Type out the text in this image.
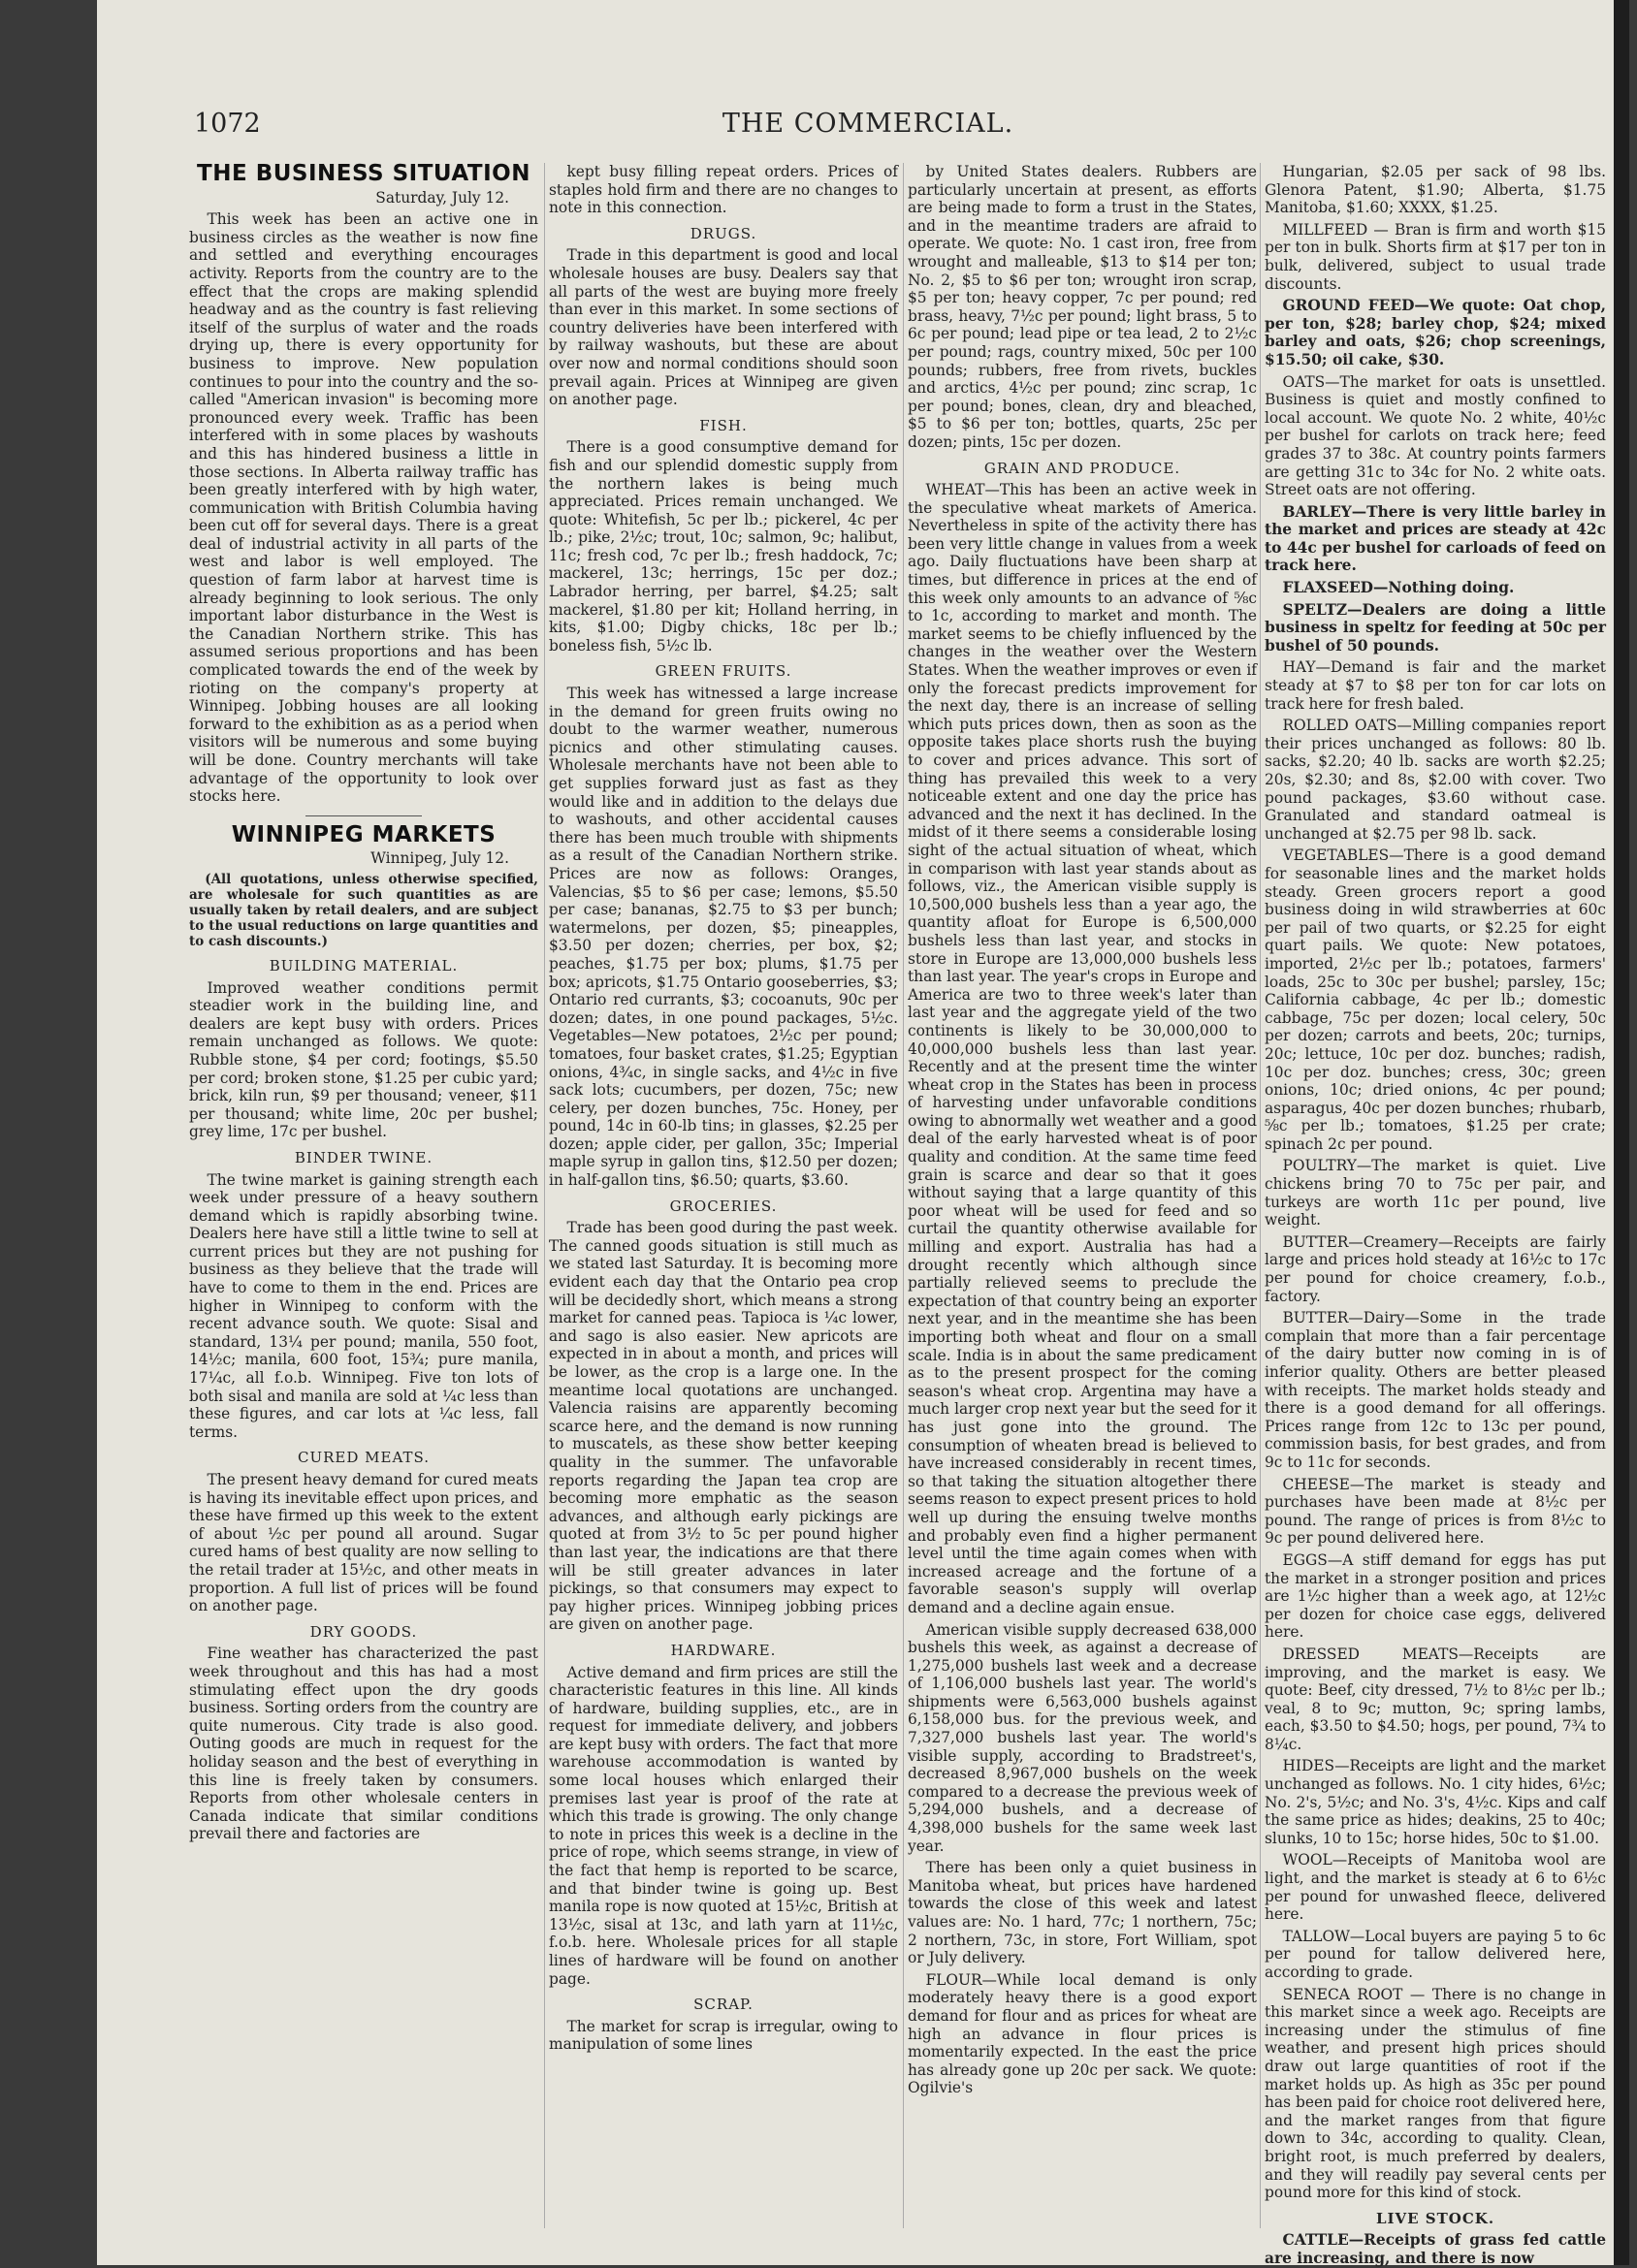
1072	THE COMMERCIAL.
THE BUSINESS SITUATION

Saturday, July 12.

This week has been an active one in business circles as the weather is now fine and settled and everything encourages activity. Reports from the country are to the effect that the crops are making splendid headway and as the country is fast relieving itself of the surplus of water and the roads drying up, there is every opportunity for business to improve. New population continues to pour into the country and the so-called "American invasion" is becoming more pronounced every week. Traffic has been interfered with in some places by washouts and this has hindered business a little in those sections. In Alberta railway traffic has been greatly interfered with by high water, communication with British Columbia having been cut off for several days. There is a great deal of industrial activity in all parts of the west and labor is well employed. The question of farm labor at harvest time is already beginning to look serious. The only important labor disturbance in the West is the Canadian Northern strike. This has assumed serious proportions and has been complicated towards the end of the week by rioting on the company's property at Winnipeg. Jobbing houses are all looking forward to the exhibition as as a period when visitors will be numerous and some buying will be done. Country merchants will take advantage of the opportunity to look over stocks here.

WINNIPEG MARKETS

Winnipeg, July 12.

(All quotations, unless otherwise specified, are wholesale for such quantities as are usually taken by retail dealers, and are subject to the usual reductions on large quantities and to cash discounts.)

BUILDING MATERIAL.

Improved weather conditions permit steadier work in the building line, and dealers are kept busy with orders. Prices remain unchanged as follows. We quote: Rubble stone, $4 per cord; footings, $5.50 per cord; broken stone, $1.25 per cubic yard; brick, kiln run, $9 per thousand; veneer, $11 per thousand; white lime, 20c per bushel; grey lime, 17c per bushel.

BINDER TWINE.

The twine market is gaining strength each week under pressure of a heavy southern demand which is rapidly absorbing twine. Dealers here have still a little twine to sell at current prices but they are not pushing for business as they believe that the trade will have to come to them in the end. Prices are higher in Winnipeg to conform with the recent advance south. We quote: Sisal and standard, 13¼ per pound; manila, 550 foot, 14½c; manila, 600 foot, 15¾; pure manila, 17¼c, all f.o.b. Winnipeg. Five ton lots of both sisal and manila are sold at ¼c less than these figures, and car lots at ¼c less, fall terms.

CURED MEATS.

The present heavy demand for cured meats is having its inevitable effect upon prices, and these have firmed up this week to the extent of about ½c per pound all around. Sugar cured hams of best quality are now selling to the retail trader at 15½c, and other meats in proportion. A full list of prices will be found on another page.

DRY GOODS.

Fine weather has characterized the past week throughout and this has had a most stimulating effect upon the dry goods business. Sorting orders from the country are quite numerous. City trade is also good. Outing goods are much in request for the holiday season and the best of everything in this line is freely taken by consumers. Reports from other wholesale centers in Canada indicate that similar conditions prevail there and factories are

kept busy filling repeat orders. Prices of staples hold firm and there are no changes to note in this connection.

DRUGS.

Trade in this department is good and local wholesale houses are busy. Dealers say that all parts of the west are buying more freely than ever in this market. In some sections of country deliveries have been interfered with by railway washouts, but these are about over now and normal conditions should soon prevail again. Prices at Winnipeg are given on another page.

FISH.

There is a good consumptive demand for fish and our splendid domestic supply from the northern lakes is being much appreciated. Prices remain unchanged. We quote: Whitefish, 5c per lb.; pickerel, 4c per lb.; pike, 2½c; trout, 10c; salmon, 9c; halibut, 11c; fresh cod, 7c per lb.; fresh haddock, 7c; mackerel, 13c; herrings, 15c per doz.; Labrador herring, per barrel, $4.25; salt mackerel, $1.80 per kit; Holland herring, in kits, $1.00; Digby chicks, 18c per lb.; boneless fish, 5½c lb.

GREEN FRUITS.

This week has witnessed a large increase in the demand for green fruits owing no doubt to the warmer weather, numerous picnics and other stimulating causes. Wholesale merchants have not been able to get supplies forward just as fast as they would like and in addition to the delays due to washouts, and other accidental causes there has been much trouble with shipments as a result of the Canadian Northern strike. Prices are now as follows: Oranges, Valencias, $5 to $6 per case; lemons, $5.50 per case; bananas, $2.75 to $3 per bunch; watermelons, per dozen, $5; pineapples, $3.50 per dozen; cherries, per box, $2; peaches, $1.75 per box; plums, $1.75 per box; apricots, $1.75 Ontario gooseberries, $3; Ontario red currants, $3; cocoanuts, 90c per dozen; dates, in one pound packages, 5½c. Vegetables—New potatoes, 2½c per pound; tomatoes, four basket crates, $1.25; Egyptian onions, 4¾c, in single sacks, and 4½c in five sack lots; cucumbers, per dozen, 75c; new celery, per dozen bunches, 75c. Honey, per pound, 14c in 60-lb tins; in glasses, $2.25 per dozen; apple cider, per gallon, 35c; Imperial maple syrup in gallon tins, $12.50 per dozen; in half-gallon tins, $6.50; quarts, $3.60.

GROCERIES.

Trade has been good during the past week. The canned goods situation is still much as we stated last Saturday. It is becoming more evident each day that the Ontario pea crop will be decidedly short, which means a strong market for canned peas. Tapioca is ¼c lower, and sago is also easier. New apricots are expected in in about a month, and prices will be lower, as the crop is a large one. In the meantime local quotations are unchanged. Valencia raisins are apparently becoming scarce here, and the demand is now running to muscatels, as these show better keeping quality in the summer. The unfavorable reports regarding the Japan tea crop are becoming more emphatic as the season advances, and although early pickings are quoted at from 3½ to 5c per pound higher than last year, the indications are that there will be still greater advances in later pickings, so that consumers may expect to pay higher prices. Winnipeg jobbing prices are given on another page.

HARDWARE.

Active demand and firm prices are still the characteristic features in this line. All kinds of hardware, building supplies, etc., are in request for immediate delivery, and jobbers are kept busy with orders. The fact that more warehouse accommodation is wanted by some local houses which enlarged their premises last year is proof of the rate at which this trade is growing. The only change to note in prices this week is a decline in the price of rope, which seems strange, in view of the fact that hemp is reported to be scarce, and that binder twine is going up. Best manila rope is now quoted at 15½c, British at 13½c, sisal at 13c, and lath yarn at 11½c, f.o.b. here. Wholesale prices for all staple lines of hardware will be found on another page.

SCRAP.

The market for scrap is irregular, owing to manipulation of some lines

by United States dealers. Rubbers are particularly uncertain at present, as efforts are being made to form a trust in the States, and in the meantime traders are afraid to operate. We quote: No. 1 cast iron, free from wrought and malleable, $13 to $14 per ton; No. 2, $5 to $6 per ton; wrought iron scrap, $5 per ton; heavy copper, 7c per pound; red brass, heavy, 7½c per pound; light brass, 5 to 6c per pound; lead pipe or tea lead, 2 to 2½c per pound; rags, country mixed, 50c per 100 pounds; rubbers, free from rivets, buckles and arctics, 4½c per pound; zinc scrap, 1c per pound; bones, clean, dry and bleached, $5 to $6 per ton; bottles, quarts, 25c per dozen; pints, 15c per dozen.

GRAIN AND PRODUCE.

WHEAT—This has been an active week in the speculative wheat markets of America. Nevertheless in spite of the activity there has been very little change in values from a week ago. Daily fluctuations have been sharp at times, but difference in prices at the end of this week only amounts to an advance of ⅝c to 1c, according to market and month. The market seems to be chiefly influenced by the changes in the weather over the Western States. When the weather improves or even if only the forecast predicts improvement for the next day, there is an increase of selling which puts prices down, then as soon as the opposite takes place shorts rush the buying to cover and prices advance. This sort of thing has prevailed this week to a very noticeable extent and one day the price has advanced and the next it has declined. In the midst of it there seems a considerable losing sight of the actual situation of wheat, which in comparison with last year stands about as follows, viz., the American visible supply is 10,500,000 bushels less than a year ago, the quantity afloat for Europe is 6,500,000 bushels less than last year, and stocks in store in Europe are 13,000,000 bushels less than last year. The year's crops in Europe and America are two to three week's later than last year and the aggregate yield of the two continents is likely to be 30,000,000 to 40,000,000 bushels less than last year. Recently and at the present time the winter wheat crop in the States has been in process of harvesting under unfavorable conditions owing to abnormally wet weather and a good deal of the early harvested wheat is of poor quality and condition. At the same time feed grain is scarce and dear so that it goes without saying that a large quantity of this poor wheat will be used for feed and so curtail the quantity otherwise available for milling and export. Australia has had a drought recently which although since partially relieved seems to preclude the expectation of that country being an exporter next year, and in the meantime she has been importing both wheat and flour on a small scale. India is in about the same predicament as to the present prospect for the coming season's wheat crop. Argentina may have a much larger crop next year but the seed for it has just gone into the ground. The consumption of wheaten bread is believed to have increased considerably in recent times, so that taking the situation altogether there seems reason to expect present prices to hold well up during the ensuing twelve months and probably even find a higher permanent level until the time again comes when with increased acreage and the fortune of a favorable season's supply will overlap demand and a decline again ensue.

American visible supply decreased 638,000 bushels this week, as against a decrease of 1,275,000 bushels last week and a decrease of 1,106,000 bushels last year. The world's shipments were 6,563,000 bushels against 6,158,000 bus. for the previous week, and 7,327,000 bushels last year. The world's visible supply, according to Bradstreet's, decreased 8,967,000 bushels on the week compared to a decrease the previous week of 5,294,000 bushels, and a decrease of 4,398,000 bushels for the same week last year.

There has been only a quiet business in Manitoba wheat, but prices have hardened towards the close of this week and latest values are: No. 1 hard, 77c; 1 northern, 75c; 2 northern, 73c, in store, Fort William, spot or July delivery.

FLOUR—While local demand is only moderately heavy there is a good export demand for flour and as prices for wheat are high an advance in flour prices is momentarily expected. In the east the price has already gone up 20c per sack. We quote: Ogilvie's

Hungarian, $2.05 per sack of 98 lbs. Glenora Patent, $1.90; Alberta, $1.75 Manitoba, $1.60; XXXX, $1.25.

MILLFEED — Bran is firm and worth $15 per ton in bulk. Shorts firm at $17 per ton in bulk, delivered, subject to usual trade discounts.

GROUND FEED—We quote: Oat chop, per ton, $28; barley chop, $24; mixed barley and oats, $26; chop screenings, $15.50; oil cake, $30.

OATS—The market for oats is unsettled. Business is quiet and mostly confined to local account. We quote No. 2 white, 40½c per bushel for carlots on track here; feed grades 37 to 38c. At country points farmers are getting 31c to 34c for No. 2 white oats. Street oats are not offering.

BARLEY—There is very little barley in the market and prices are steady at 42c to 44c per bushel for carloads of feed on track here.

FLAXSEED—Nothing doing.

SPELTZ—Dealers are doing a little business in speltz for feeding at 50c per bushel of 50 pounds.

HAY—Demand is fair and the market steady at $7 to $8 per ton for car lots on track here for fresh baled.

ROLLED OATS—Milling companies report their prices unchanged as follows: 80 lb. sacks, $2.20; 40 lb. sacks are worth $2.25; 20s, $2.30; and 8s, $2.00 with cover. Two pound packages, $3.60 without case. Granulated and standard oatmeal is unchanged at $2.75 per 98 lb. sack.

VEGETABLES—There is a good demand for seasonable lines and the market holds steady. Green grocers report a good business doing in wild strawberries at 60c per pail of two quarts, or $2.25 for eight quart pails. We quote: New potatoes, imported, 2½c per lb.; potatoes, farmers' loads, 25c to 30c per bushel; parsley, 15c; California cabbage, 4c per lb.; domestic cabbage, 75c per dozen; local celery, 50c per dozen; carrots and beets, 20c; turnips, 20c; lettuce, 10c per doz. bunches; radish, 10c per doz. bunches; cress, 30c; green onions, 10c; dried onions, 4c per pound; asparagus, 40c per dozen bunches; rhubarb, ⅝c per lb.; tomatoes, $1.25 per crate; spinach 2c per pound.

POULTRY—The market is quiet. Live chickens bring 70 to 75c per pair, and turkeys are worth 11c per pound, live weight.

BUTTER—Creamery—Receipts are fairly large and prices hold steady at 16½c to 17c per pound for choice creamery, f.o.b., factory.

BUTTER—Dairy—Some in the trade complain that more than a fair percentage of the dairy butter now coming in is of inferior quality. Others are better pleased with receipts. The market holds steady and there is a good demand for all offerings. Prices range from 12c to 13c per pound, commission basis, for best grades, and from 9c to 11c for seconds.

CHEESE—The market is steady and purchases have been made at 8½c per pound. The range of prices is from 8½c to 9c per pound delivered here.

EGGS—A stiff demand for eggs has put the market in a stronger position and prices are 1½c higher than a week ago, at 12½c per dozen for choice case eggs, delivered here.

DRESSED MEATS—Receipts are improving, and the market is easy. We quote: Beef, city dressed, 7½ to 8½c per lb.; veal, 8 to 9c; mutton, 9c; spring lambs, each, $3.50 to $4.50; hogs, per pound, 7¾ to 8¼c.

HIDES—Receipts are light and the market unchanged as follows. No. 1 city hides, 6½c; No. 2's, 5½c; and No. 3's, 4½c. Kips and calf the same price as hides; deakins, 25 to 40c; slunks, 10 to 15c; horse hides, 50c to $1.00.

WOOL—Receipts of Manitoba wool are light, and the market is steady at 6 to 6½c per pound for unwashed fleece, delivered here.

TALLOW—Local buyers are paying 5 to 6c per pound for tallow delivered here, according to grade.

SENECA ROOT — There is no change in this market since a week ago. Receipts are increasing under the stimulus of fine weather, and present high prices should draw out large quantities of root if the market holds up. As high as 35c per pound has been paid for choice root delivered here, and the market ranges from that figure down to 34c, according to quality. Clean, bright root, is much preferred by dealers, and they will readily pay several cents per pound more for this kind of stock.

LIVE STOCK.

CATTLE—Receipts of grass fed cattle are increasing, and there is now
